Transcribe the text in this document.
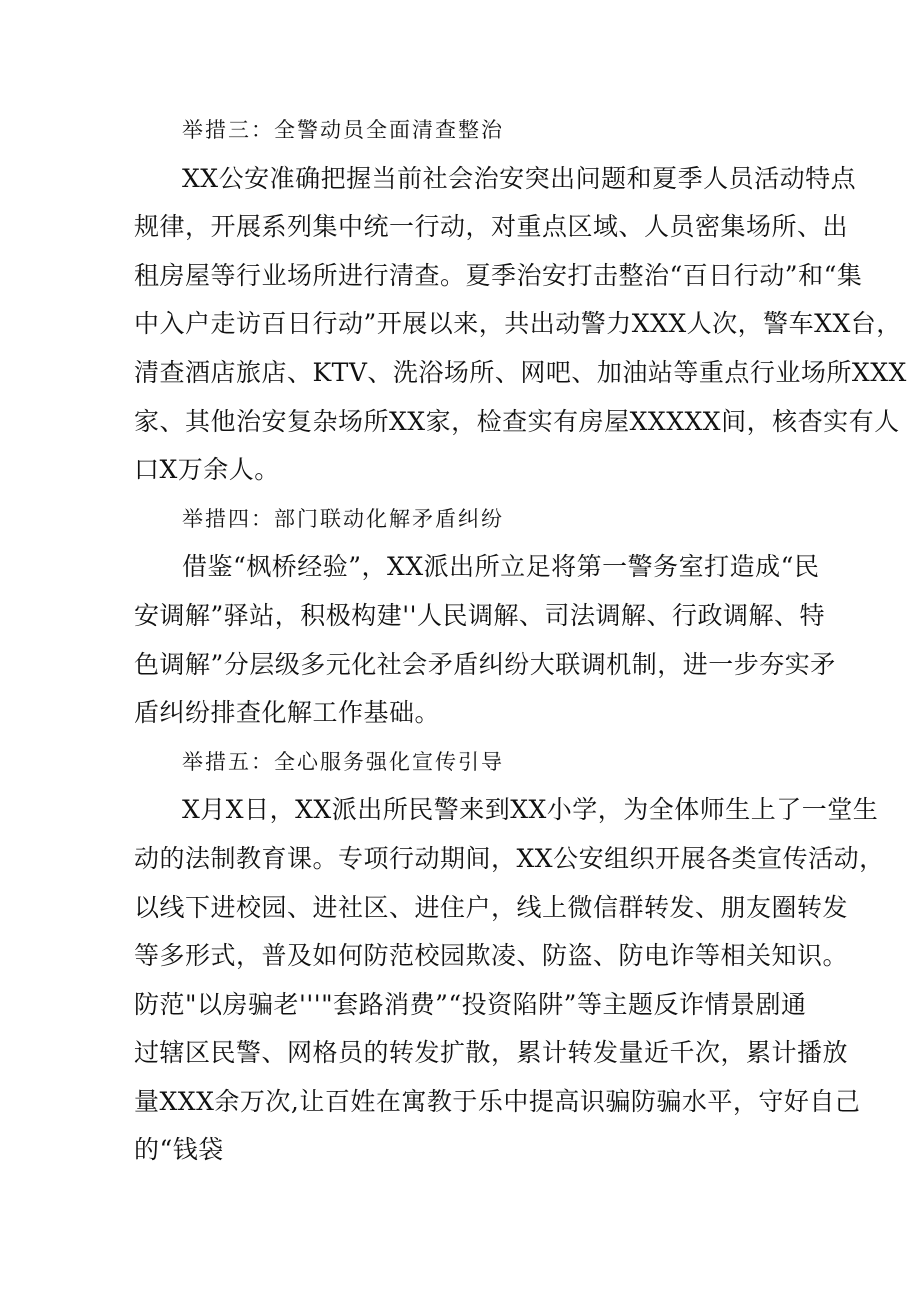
举措三：全警动员全面清查整治
XX公安准确把握当前社会治安突出问题和夏季人员活动特点
规律，开展系列集中统一行动，对重点区域、人员密集场所、出
租房屋等行业场所进行清查。夏季治安打击整治“百日行动”和“集
中入户走访百日行动”开展以来，共出动警力XXX人次，警车XX台，
清查酒店旅店、KTV、洗浴场所、网吧、加油站等重点行业场所XXX
家、其他治安复杂场所XX家，检查实有房屋XXXXX间，核杳实有人
口X万余人。
举措四：部门联动化解矛盾纠纷
借鉴“枫桥经验”，XX派出所立足将第一警务室打造成“民
安调解”驿站，积极构建''人民调解、司法调解、行政调解、特
色调解”分层级多元化社会矛盾纠纷大联调机制，进一步夯实矛
盾纠纷排查化解工作基础。
举措五：全心服务强化宣传引导
X月X日，XX派出所民警来到XX小学，为全体师生上了一堂生
动的法制教育课。专项行动期间，XX公安组织开展各类宣传活动，
以线下进校园、进社区、进住户，线上微信群转发、朋友圈转发
等多形式，普及如何防范校园欺凌、防盗、防电诈等相关知识。
防范"以房骗老'''"套路消费”“投资陷阱”等主题反诈情景剧通
过辖区民警、网格员的转发扩散，累计转发量近千次，累计播放
量XXX余万次,让百姓在寓教于乐中提高识骗防骗水平，守好自己
的“钱袋
